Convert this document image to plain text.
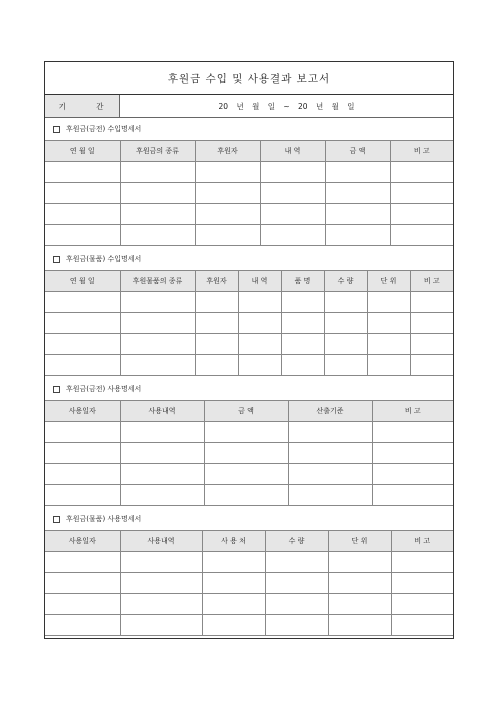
후원금 수입 및 사용결과 보고서
기 간	20 년 월 일 ~ 20 년 월 일
후원금(금전) 수입명세서
연 월 일	후원금의 종류	후원자	내 역	금 액	비 고

후원금(물품) 수입명세서
연 월 일	후원물품의 종류	후원자	내 역	품 명	수 량	단 위	비 고

후원금(금전) 사용명세서
사용일자	사용내역	금 액	산출기준	비 고

후원금(물품) 사용명세서
사용일자	사용내역	사 용 처	수 량	단 위	비 고
